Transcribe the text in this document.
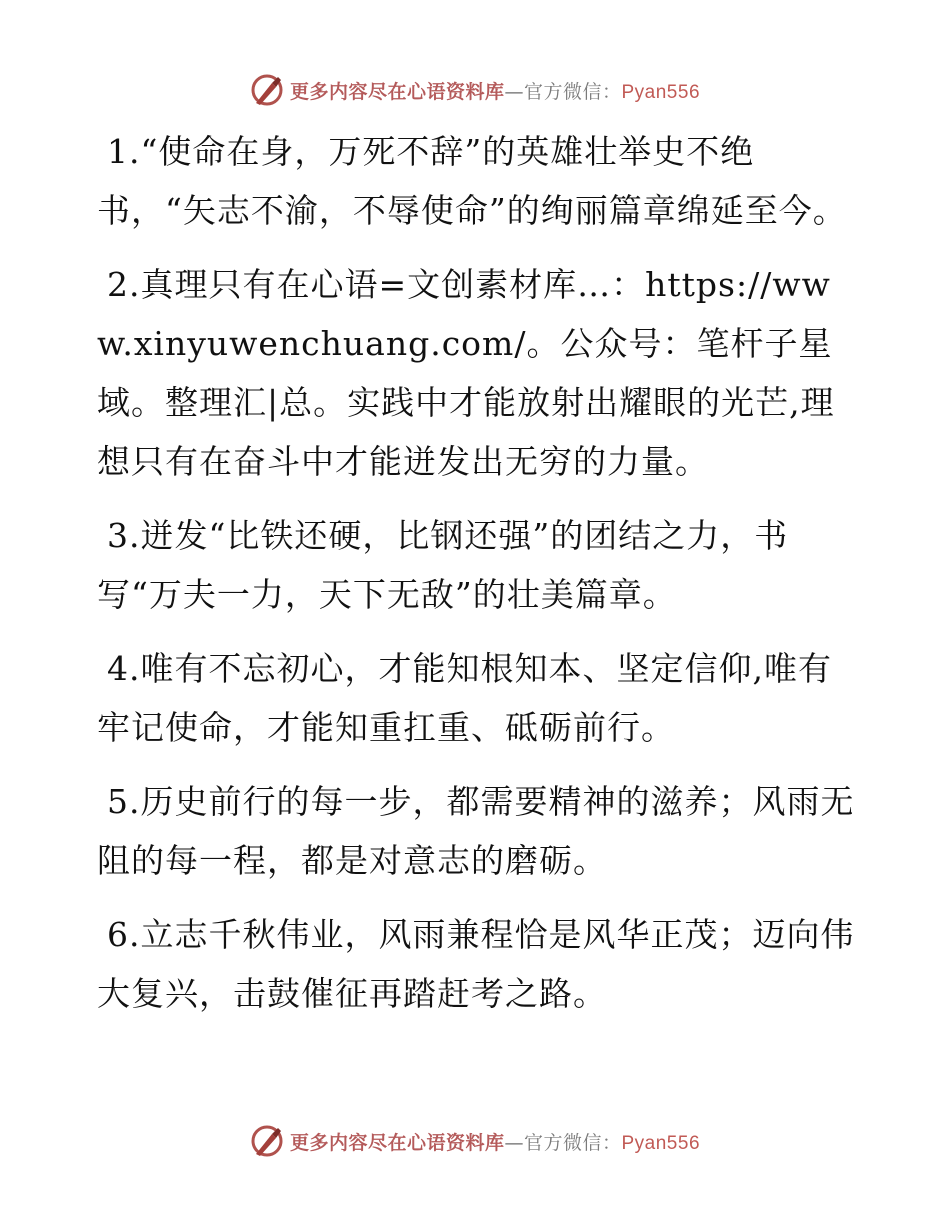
更多内容尽在心语资料库—官方微信：Pyan556

1.“使命在身，万死不辞”的英雄壮举史不绝书，“矢志不渝，不辱使命”的绚丽篇章绵延至今。

2.真理只有在心语=文创素材库…：https://www.xinyuwenchuang.com/。公众号：笔杆子星域。整理汇|总。实践中才能放射出耀眼的光芒,理想只有在奋斗中才能迸发出无穷的力量。

3.迸发“比铁还硬，比钢还强”的团结之力，书写“万夫一力，天下无敌”的壮美篇章。

4.唯有不忘初心，才能知根知本、坚定信仰,唯有牢记使命，才能知重扛重、砥砺前行。

5.历史前行的每一步，都需要精神的滋养；风雨无阻的每一程，都是对意志的磨砺。

6.立志千秋伟业，风雨兼程恰是风华正茂；迈向伟大复兴，击鼓催征再踏赶考之路。

更多内容尽在心语资料库—官方微信：Pyan556
